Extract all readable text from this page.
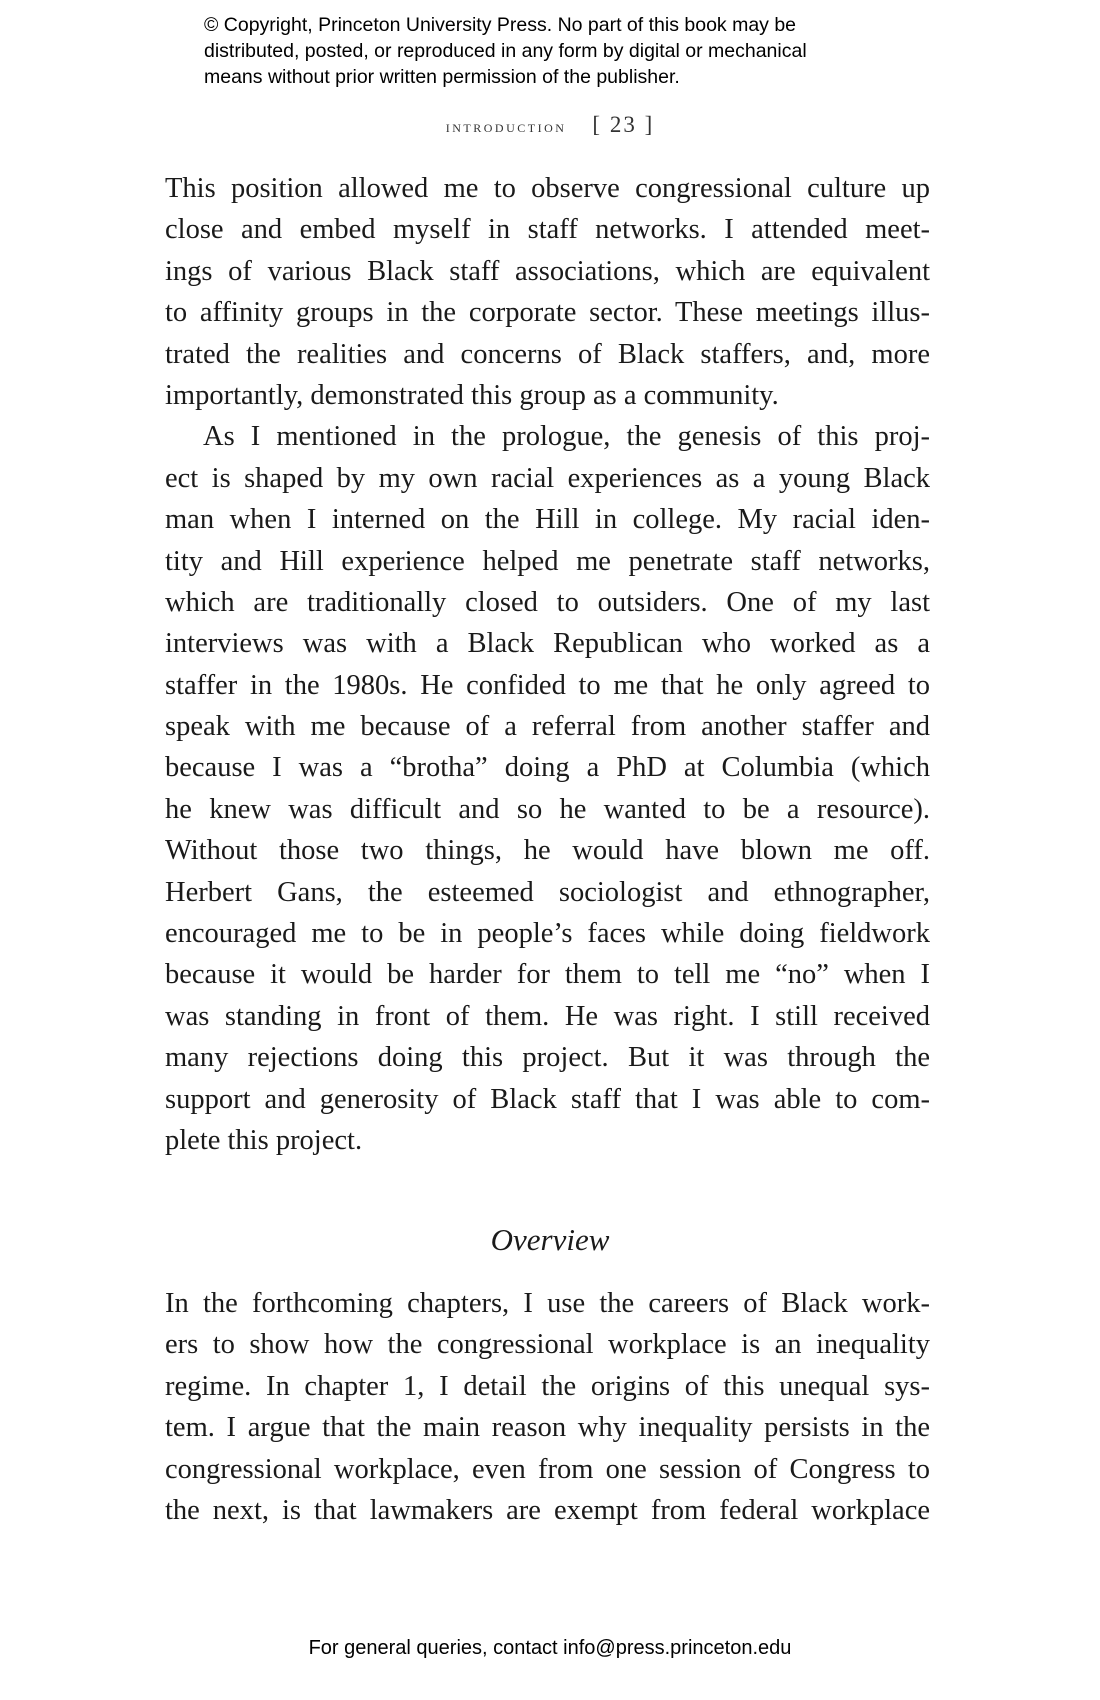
© Copyright, Princeton University Press. No part of this book may be
distributed, posted, or reproduced in any form by digital or mechanical
means without prior written permission of the publisher.
introduction [ 23 ]
This position allowed me to observe congressional culture up
close and embed myself in staff networks. I attended meet-
ings of various Black staff associations, which are equivalent
to affinity groups in the corporate sector. These meetings illus-
trated the realities and concerns of Black staffers, and, more
importantly, demonstrated this group as a community.
As I mentioned in the prologue, the genesis of this proj-
ect is shaped by my own racial experiences as a young Black
man when I interned on the Hill in college. My racial iden-
tity and Hill experience helped me penetrate staff networks,
which are traditionally closed to outsiders. One of my last
interviews was with a Black Republican who worked as a
staffer in the 1980s. He confided to me that he only agreed to
speak with me because of a referral from another staffer and
because I was a “brotha” doing a PhD at Columbia (which
he knew was difficult and so he wanted to be a resource).
Without those two things, he would have blown me off.
Herbert Gans, the esteemed sociologist and ethnographer,
encouraged me to be in people’s faces while doing fieldwork
because it would be harder for them to tell me “no” when I
was standing in front of them. He was right. I still received
many rejections doing this project. But it was through the
support and generosity of Black staff that I was able to com-
plete this project.
Overview
In the forthcoming chapters, I use the careers of Black work-
ers to show how the congressional workplace is an inequality
regime. In chapter 1, I detail the origins of this unequal sys-
tem. I argue that the main reason why inequality persists in the
congressional workplace, even from one session of Congress to
the next, is that lawmakers are exempt from federal workplace
For general queries, contact info@press.princeton.edu
